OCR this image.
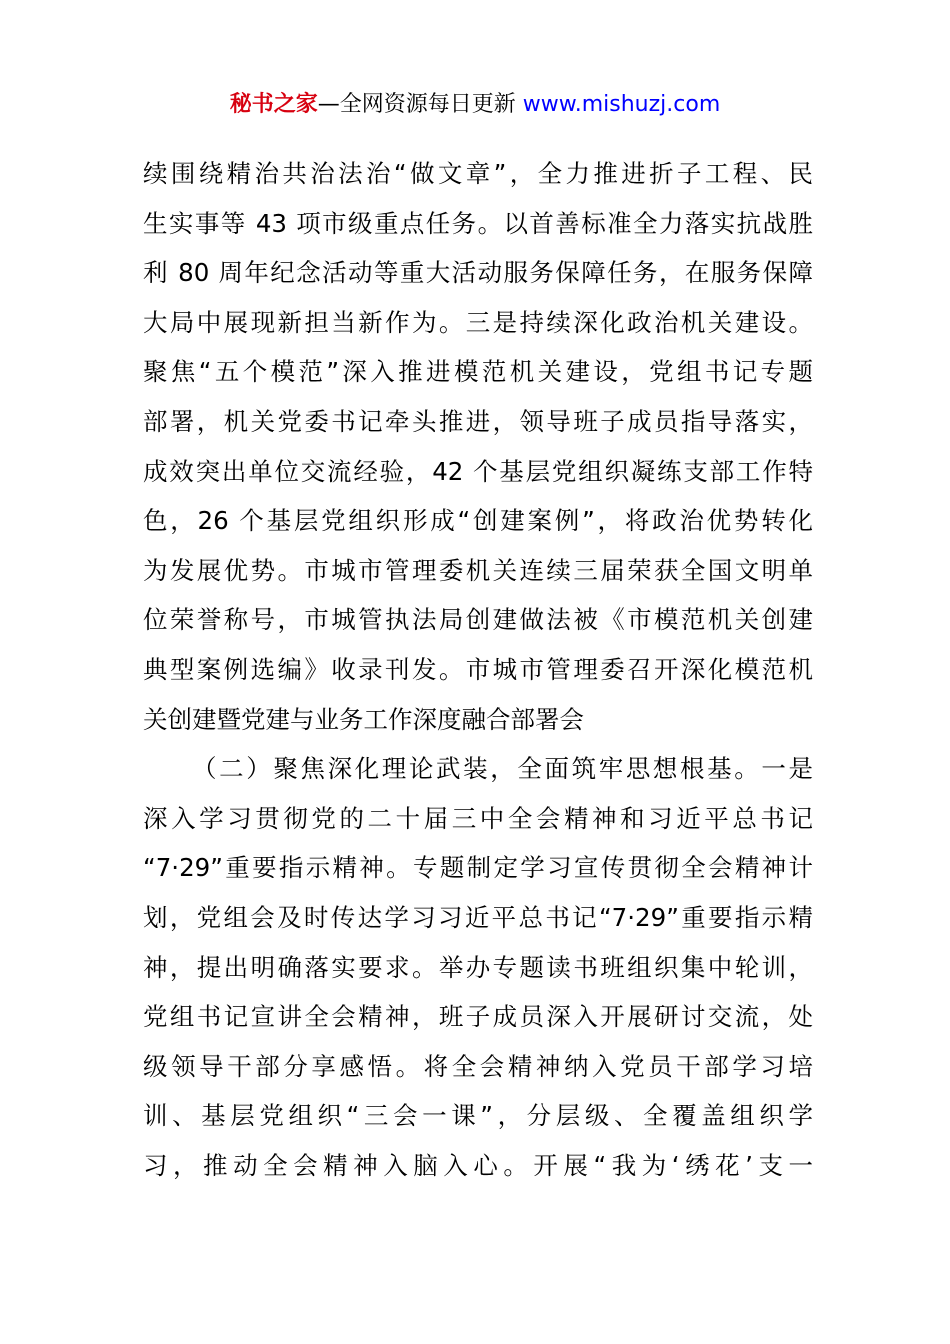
秘书之家—全网资源每日更新 www.mishuzj.com
续围绕精治共治法治“做文章”，全力推进折子工程、民
生实事等 43 项市级重点任务。以首善标准全力落实抗战胜
利 80 周年纪念活动等重大活动服务保障任务，在服务保障
大局中展现新担当新作为。三是持续深化政治机关建设。
聚焦“五个模范”深入推进模范机关建设，党组书记专题
部署，机关党委书记牵头推进，领导班子成员指导落实，
成效突出单位交流经验，42 个基层党组织凝练支部工作特
色，26 个基层党组织形成“创建案例”，将政治优势转化
为发展优势。市城市管理委机关连续三届荣获全国文明单
位荣誉称号，市城管执法局创建做法被《市模范机关创建
典型案例选编》收录刊发。市城市管理委召开深化模范机
关创建暨党建与业务工作深度融合部署会
（二）聚焦深化理论武装，全面筑牢思想根基。一是
深入学习贯彻党的二十届三中全会精神和习近平总书记
“7·29”重要指示精神。专题制定学习宣传贯彻全会精神计
划，党组会及时传达学习习近平总书记“7·29”重要指示精
神，提出明确落实要求。举办专题读书班组织集中轮训，
党组书记宣讲全会精神，班子成员深入开展研讨交流，处
级领导干部分享感悟。将全会精神纳入党员干部学习培
训、基层党组织“三会一课”，分层级、全覆盖组织学
习，推动全会精神入脑入心。开展“我为‘绣花’支一
